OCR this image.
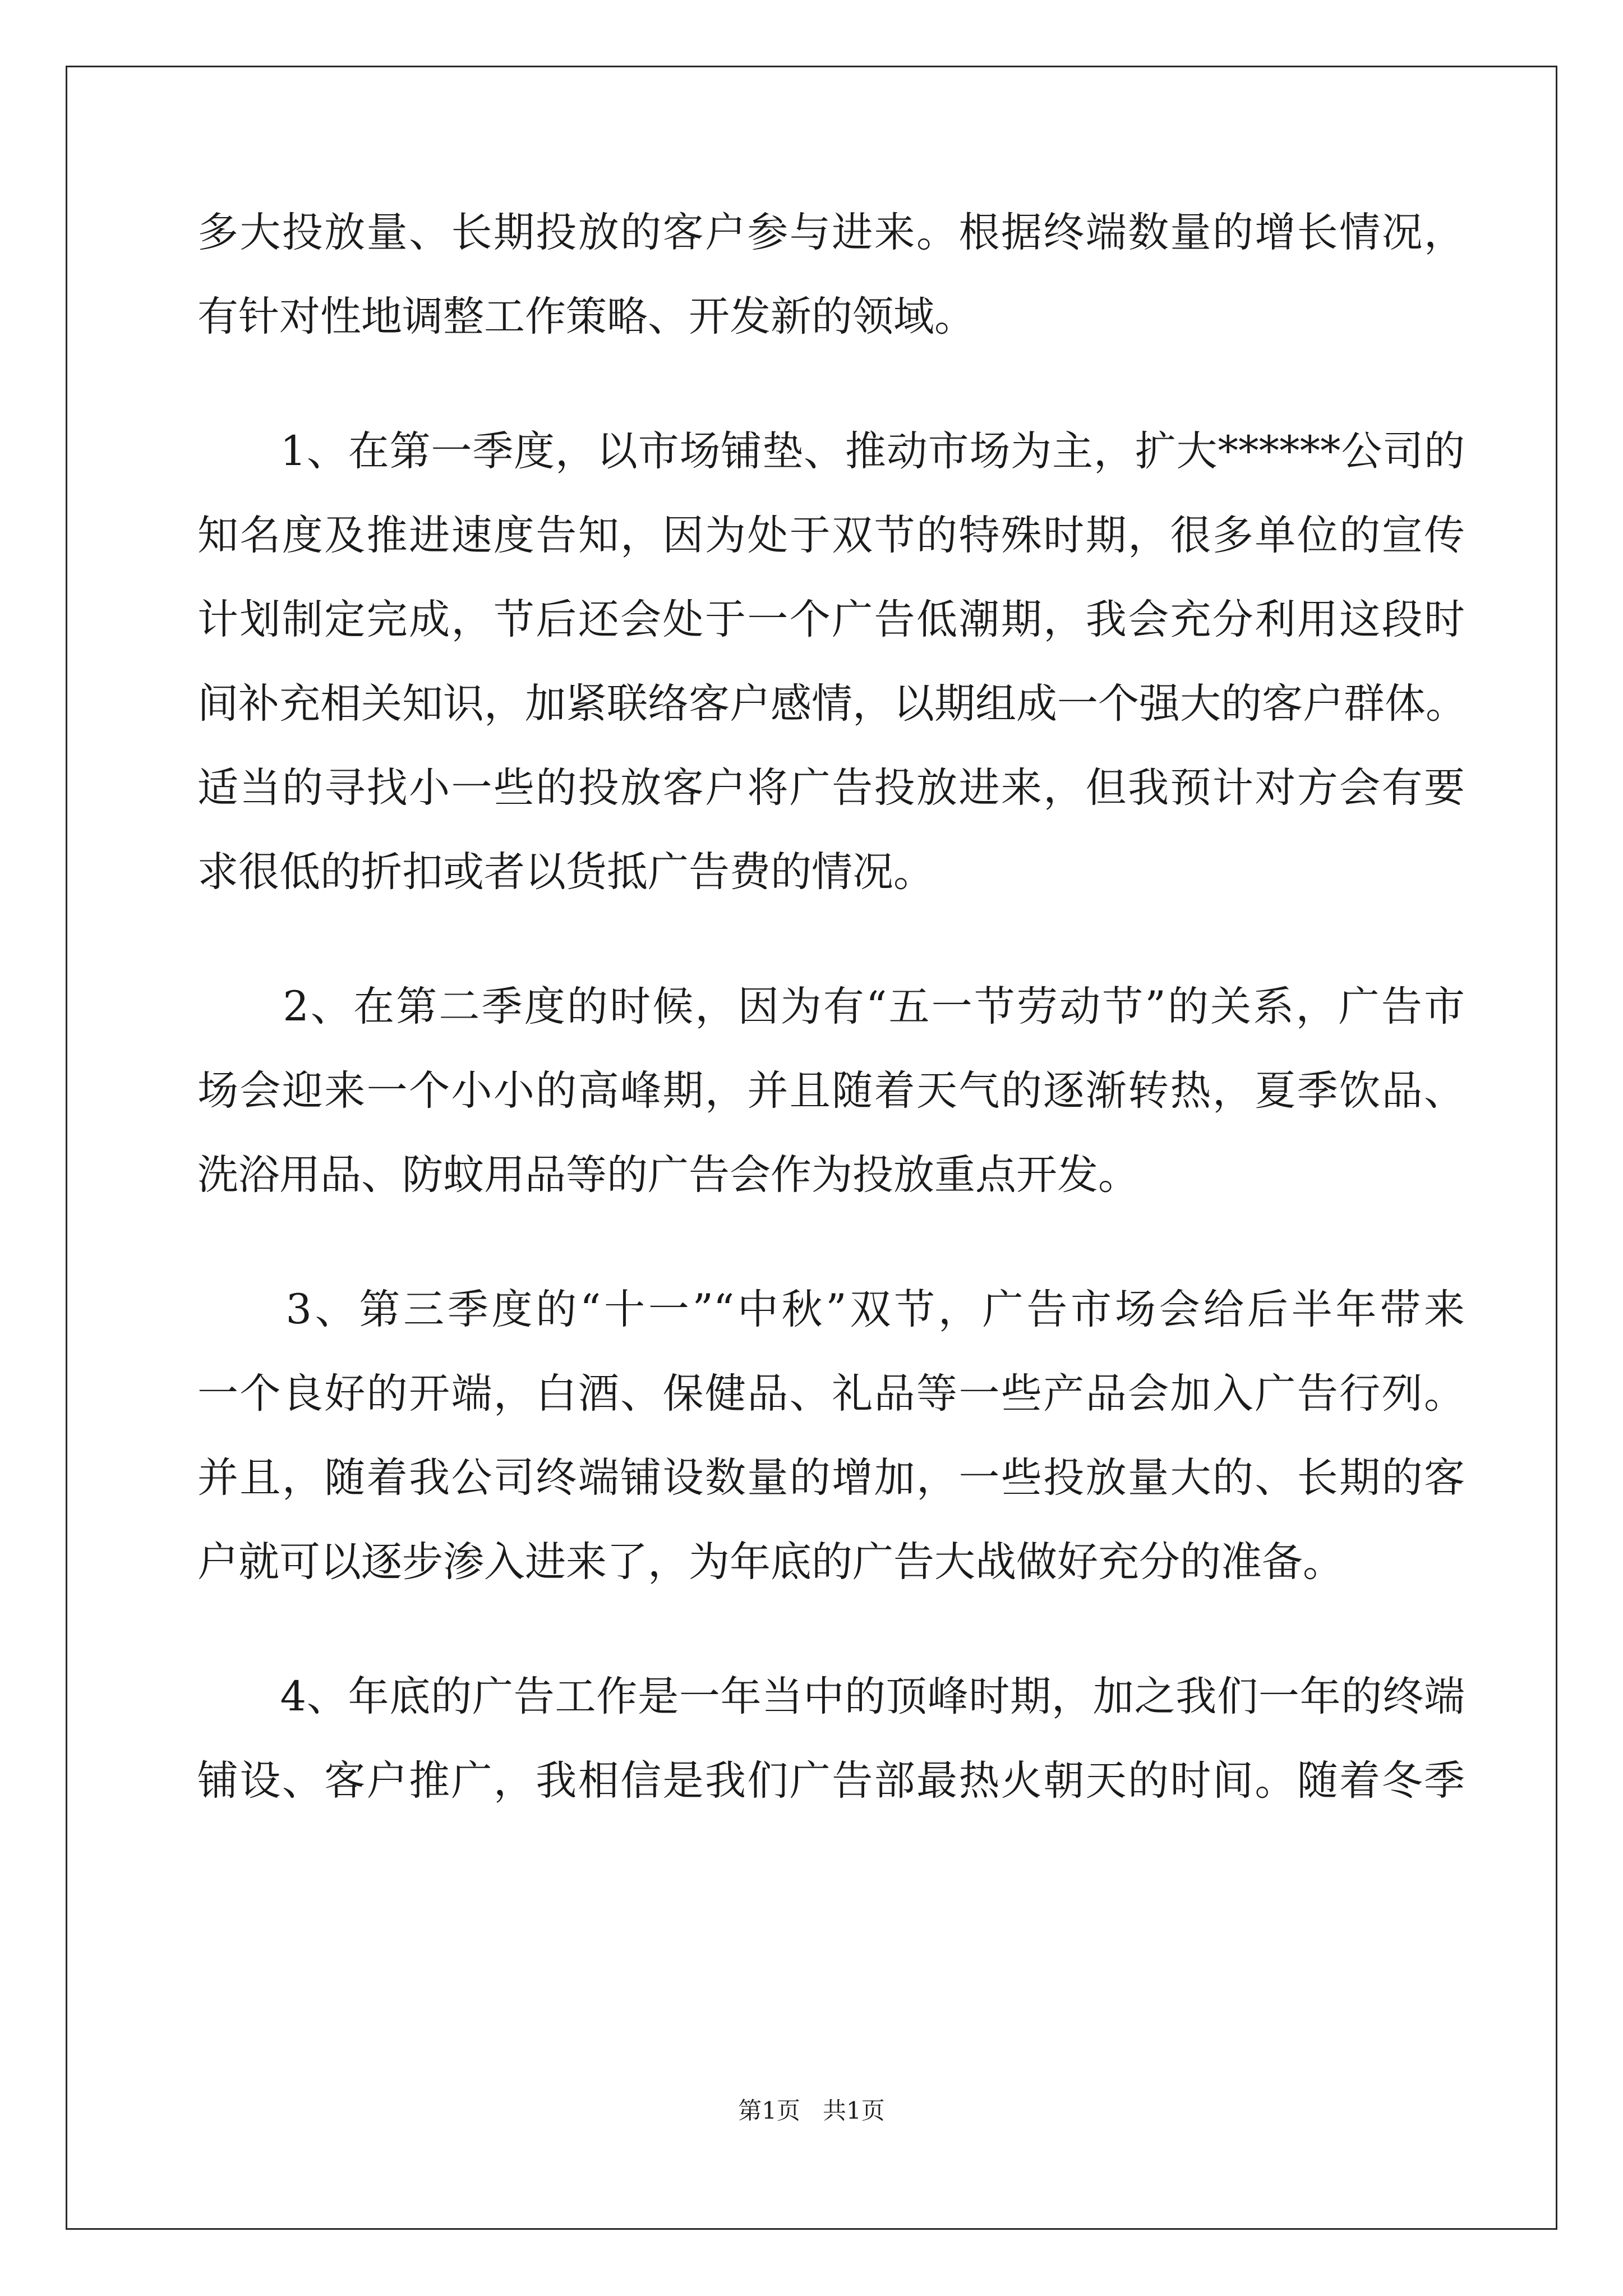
多大投放量、长期投放的客户参与进来。根据终端数量的增长情况，
有针对性地调整工作策略、开发新的领域。
　　1、在第一季度，以市场铺垫、推动市场为主，扩大******公司的
知名度及推进速度告知，因为处于双节的特殊时期，很多单位的宣传
计划制定完成，节后还会处于一个广告低潮期，我会充分利用这段时
间补充相关知识，加紧联络客户感情，以期组成一个强大的客户群体。
适当的寻找小一些的投放客户将广告投放进来，但我预计对方会有要
求很低的折扣或者以货抵广告费的情况。
　　2、在第二季度的时候，因为有“五一节劳动节”的关系，广告市
场会迎来一个小小的高峰期，并且随着天气的逐渐转热，夏季饮品、
洗浴用品、防蚊用品等的广告会作为投放重点开发。
　　3、第三季度的“十一”“中秋”双节，广告市场会给后半年带来
一个良好的开端，白酒、保健品、礼品等一些产品会加入广告行列。
并且，随着我公司终端铺设数量的增加，一些投放量大的、长期的客
户就可以逐步渗入进来了，为年底的广告大战做好充分的准备。
　　4、年底的广告工作是一年当中的顶峰时期，加之我们一年的终端
铺设、客户推广，我相信是我们广告部最热火朝天的时间。随着冬季
第1页   共1页
